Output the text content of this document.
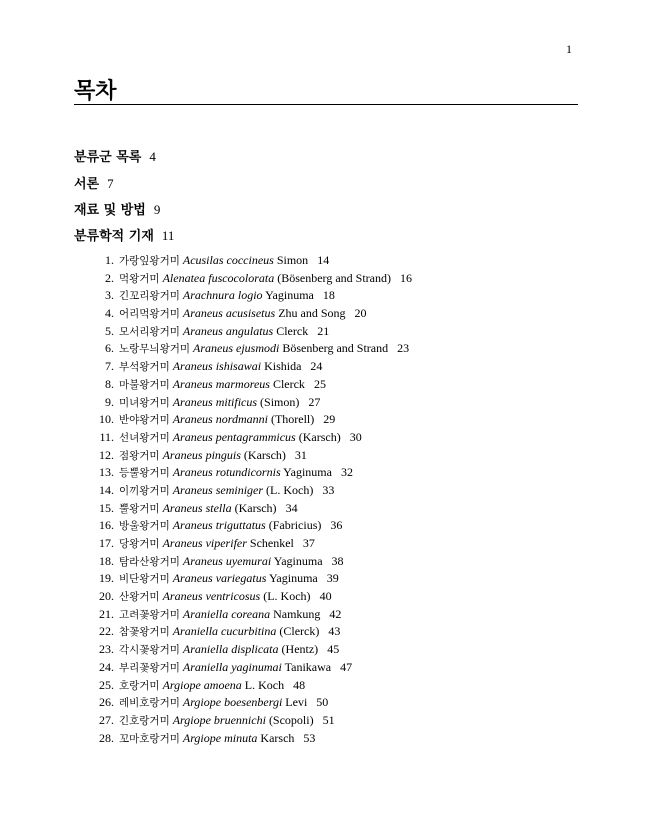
1
목차
분류군 목록 4
서론 7
재료 및 방법 9
분류학적 기재 11
1. 가랑잎왕거미 Acusilas coccineus Simon 14
2. 먹왕거미 Alenatea fuscocolorata (Bösenberg and Strand) 16
3. 긴꼬리왕거미 Arachnura logio Yaginuma 18
4. 어리먹왕거미 Araneus acusisetus Zhu and Song 20
5. 모서리왕거미 Araneus angulatus Clerck 21
6. 노랑무늬왕거미 Araneus ejusmodi Bösenberg and Strand 23
7. 부석왕거미 Araneus ishisawai Kishida 24
8. 마불왕거미 Araneus marmoreus Clerck 25
9. 미녀왕거미 Araneus mitificus (Simon) 27
10. 반야왕거미 Araneus nordmanni (Thorell) 29
11. 선녀왕거미 Araneus pentagrammicus (Karsch) 30
12. 점왕거미 Araneus pinguis (Karsch) 31
13. 등뿔왕거미 Araneus rotundicornis Yaginuma 32
14. 이끼왕거미 Araneus seminiger (L. Koch) 33
15. 뿔왕거미 Araneus stella (Karsch) 34
16. 방울왕거미 Araneus triguttatus (Fabricius) 36
17. 당왕거미 Araneus viperifer Schenkel 37
18. 탐라산왕거미 Araneus uyemurai Yaginuma 38
19. 비단왕거미 Araneus variegatus Yaginuma 39
20. 산왕거미 Araneus ventricosus (L. Koch) 40
21. 고려꽃왕거미 Araniella coreana Namkung 42
22. 참꽃왕거미 Araniella cucurbitina (Clerck) 43
23. 각시꽃왕거미 Araniella displicata (Hentz) 45
24. 부리꽃왕거미 Araniella yaginumai Tanikawa 47
25. 호랑거미 Argiope amoena L. Koch 48
26. 레비호랑거미 Argiope boesenbergi Levi 50
27. 긴호랑거미 Argiope bruennichi (Scopoli) 51
28. 꼬마호랑거미 Argiope minuta Karsch 53
